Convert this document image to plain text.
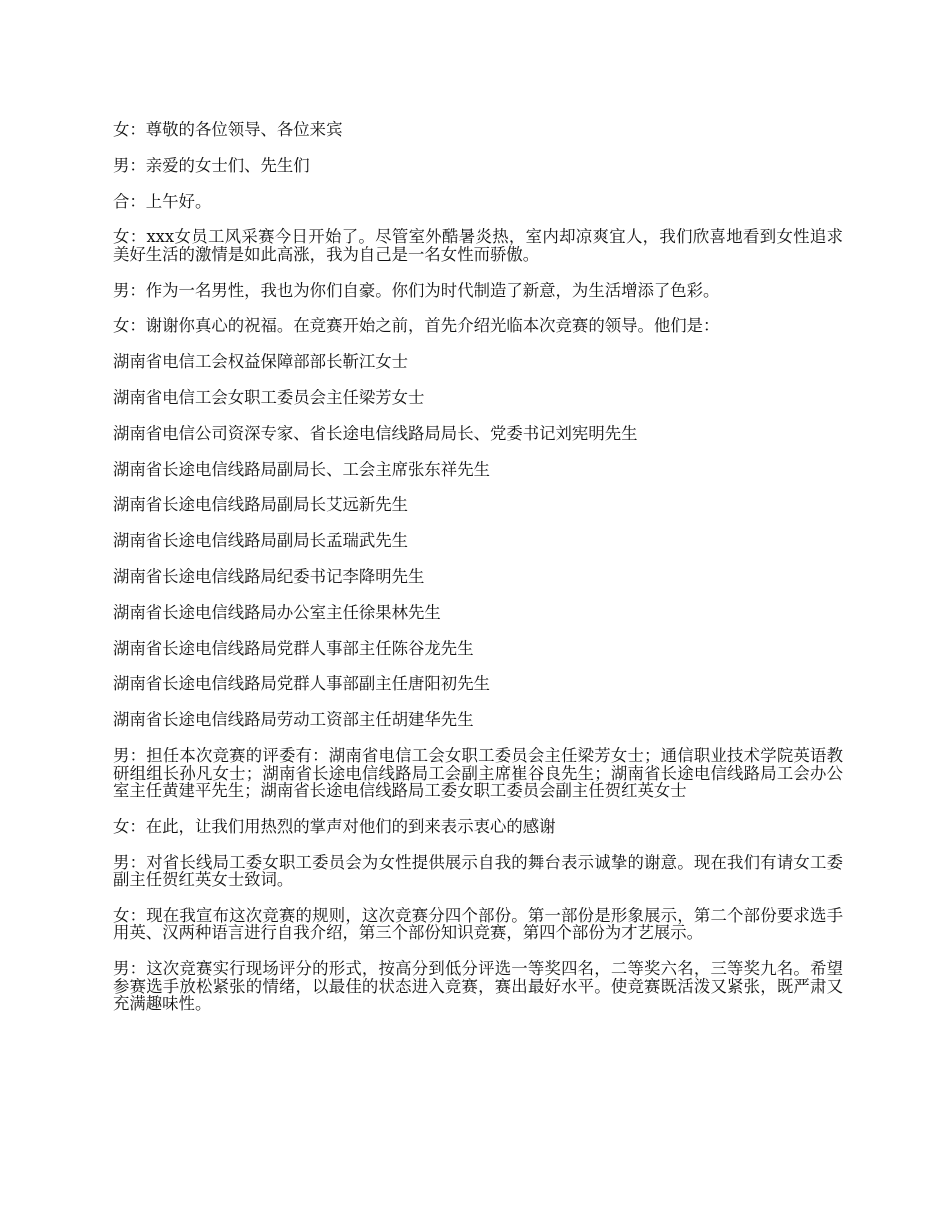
女：尊敬的各位领导、各位来宾

男：亲爱的女士们、先生们

合：上午好。

女：xxx女员工风采赛今日开始了。尽管室外酷暑炎热，室内却凉爽宜人，我们欣喜地看到女性追求美好生活的激情是如此高涨，我为自己是一名女性而骄傲。

男：作为一名男性，我也为你们自豪。你们为时代制造了新意，为生活增添了色彩。

女：谢谢你真心的祝福。在竞赛开始之前，首先介绍光临本次竞赛的领导。他们是：

湖南省电信工会权益保障部部长靳江女士

湖南省电信工会女职工委员会主任梁芳女士

湖南省电信公司资深专家、省长途电信线路局局长、党委书记刘宪明先生

湖南省长途电信线路局副局长、工会主席张东祥先生

湖南省长途电信线路局副局长艾远新先生

湖南省长途电信线路局副局长孟瑞武先生

湖南省长途电信线路局纪委书记李降明先生

湖南省长途电信线路局办公室主任徐果林先生

湖南省长途电信线路局党群人事部主任陈谷龙先生

湖南省长途电信线路局党群人事部副主任唐阳初先生

湖南省长途电信线路局劳动工资部主任胡建华先生

男：担任本次竞赛的评委有：湖南省电信工会女职工委员会主任梁芳女士；通信职业技术学院英语教研组组长孙凡女士；湖南省长途电信线路局工会副主席崔谷良先生；湖南省长途电信线路局工会办公室主任黄建平先生；湖南省长途电信线路局工委女职工委员会副主任贺红英女士

女：在此，让我们用热烈的掌声对他们的到来表示衷心的感谢

男：对省长线局工委女职工委员会为女性提供展示自我的舞台表示诚挚的谢意。现在我们有请女工委副主任贺红英女士致词。

女：现在我宣布这次竞赛的规则，这次竞赛分四个部份。第一部份是形象展示，第二个部份要求选手用英、汉两种语言进行自我介绍，第三个部份知识竞赛，第四个部份为才艺展示。

男：这次竞赛实行现场评分的形式，按高分到低分评选一等奖四名，二等奖六名，三等奖九名。希望参赛选手放松紧张的情绪，以最佳的状态进入竞赛，赛出最好水平。使竞赛既活泼又紧张，既严肃又充满趣味性。
